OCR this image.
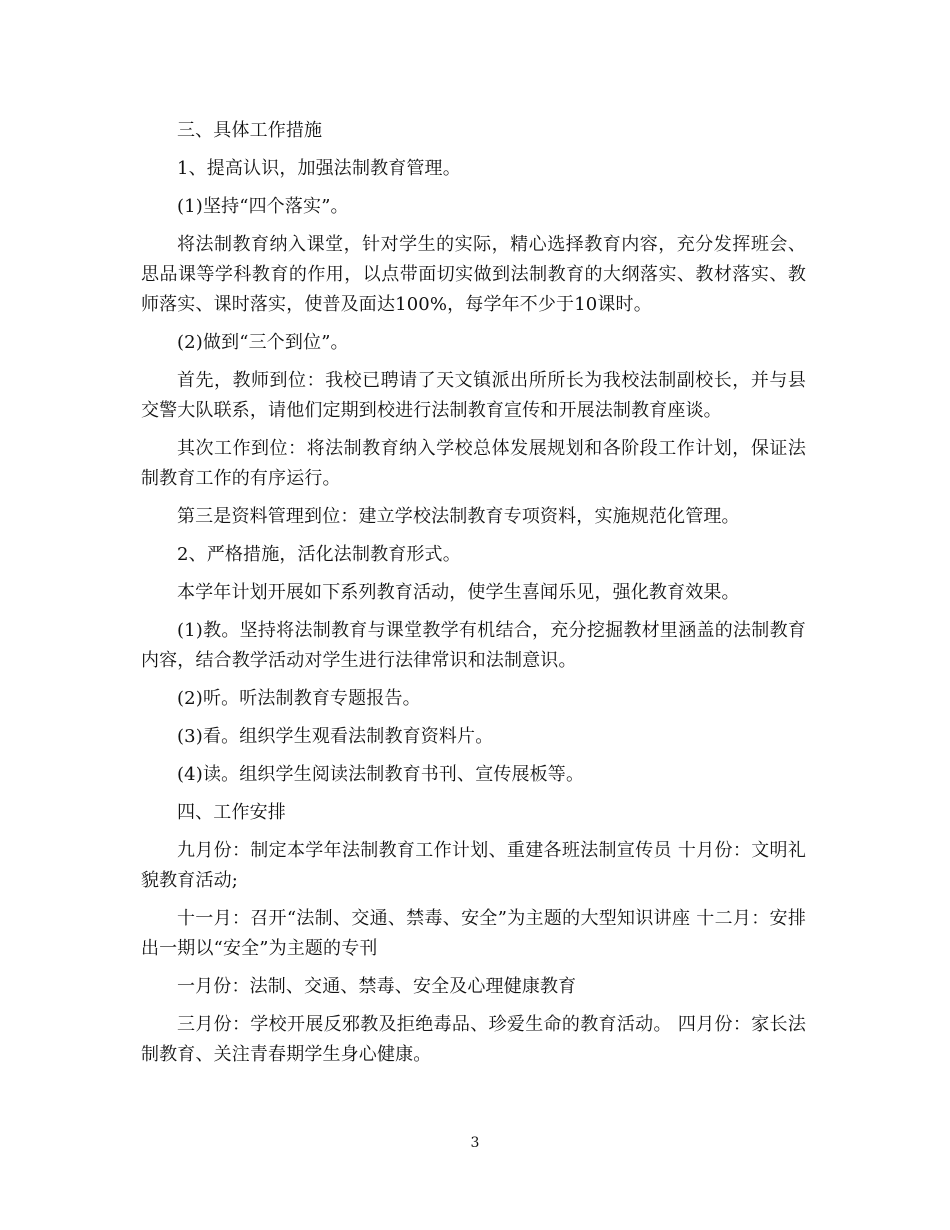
三、具体工作措施

1、提高认识，加强法制教育管理。

(1)坚持“四个落实”。

将法制教育纳入课堂，针对学生的实际，精心选择教育内容，充分发挥班会、思品课等学科教育的作用，以点带面切实做到法制教育的大纲落实、教材落实、教师落实、课时落实，使普及面达100%，每学年不少于10课时。

(2)做到“三个到位”。

首先，教师到位：我校已聘请了天文镇派出所所长为我校法制副校长，并与县交警大队联系，请他们定期到校进行法制教育宣传和开展法制教育座谈。

其次工作到位：将法制教育纳入学校总体发展规划和各阶段工作计划，保证法制教育工作的有序运行。

第三是资料管理到位：建立学校法制教育专项资料，实施规范化管理。

2、严格措施，活化法制教育形式。

本学年计划开展如下系列教育活动，使学生喜闻乐见，强化教育效果。

(1)教。坚持将法制教育与课堂教学有机结合，充分挖掘教材里涵盖的法制教育内容，结合教学活动对学生进行法律常识和法制意识。

(2)听。听法制教育专题报告。

(3)看。组织学生观看法制教育资料片。

(4)读。组织学生阅读法制教育书刊、宣传展板等。

四、工作安排

九月份：制定本学年法制教育工作计划、重建各班法制宣传员 十月份：文明礼貌教育活动;

十一月：召开“法制、交通、禁毒、安全”为主题的大型知识讲座 十二月：安排出一期以“安全”为主题的专刊

一月份：法制、交通、禁毒、安全及心理健康教育

三月份：学校开展反邪教及拒绝毒品、珍爱生命的教育活动。 四月份：家长法制教育、关注青春期学生身心健康。

3
